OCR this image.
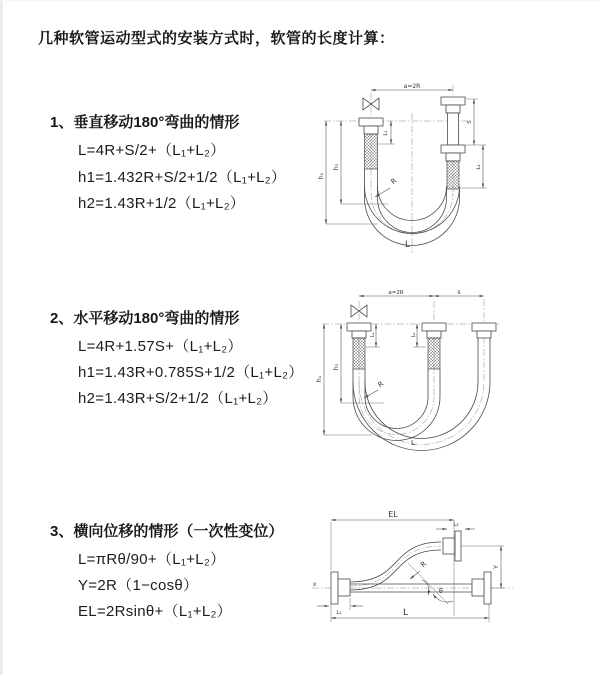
几种软管运动型式的安装方式时，软管的长度计算：
1、垂直移动180°弯曲的情形
L=4R+S/2+（L₁+L₂）
h1=1.432R+S/2+1/2（L₁+L₂）
h2=1.43R+1/2（L₁+L₂）
2、水平移动180°弯曲的情形
L=4R+1.57S+（L₁+L₂）
h1=1.43R+0.785S+1/2（L₁+L₂）
h2=1.43R+S/2+1/2（L₁+L₂）
3、横向位移的情形（一次性变位）
L=πRθ/90+（L₁+L₂）
Y=2R（1−cosθ）
EL=2Rsinθ+（L₁+L₂）
a=2R
L₁
S
L₂
h₁
h₂
R
L
a=2R	s
L₁	L₂
h₂
h₁
R
L
EL
L₂
R	Y
θ
L
L₁
x̄
